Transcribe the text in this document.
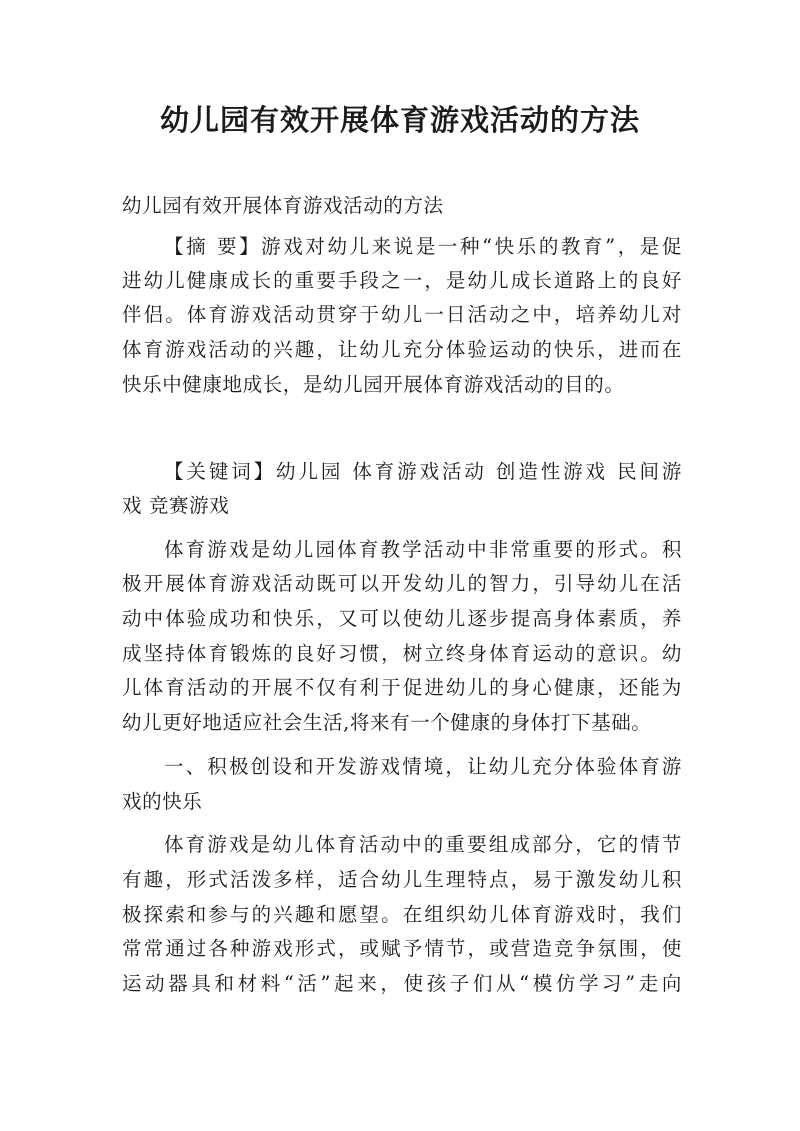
幼儿园有效开展体育游戏活动的方法
幼儿园有效开展体育游戏活动的方法
【摘 要】游戏对幼儿来说是一种“快乐的教育”，是促
进幼儿健康成长的重要手段之一，是幼儿成长道路上的良好
伴侣。体育游戏活动贯穿于幼儿一日活动之中，培养幼儿对
体育游戏活动的兴趣，让幼儿充分体验运动的快乐，进而在
快乐中健康地成长，是幼儿园开展体育游戏活动的目的。
【关键词】幼儿园 体育游戏活动 创造性游戏 民间游
戏 竞赛游戏
体育游戏是幼儿园体育教学活动中非常重要的形式。积
极开展体育游戏活动既可以开发幼儿的智力，引导幼儿在活
动中体验成功和快乐，又可以使幼儿逐步提高身体素质，养
成坚持体育锻炼的良好习惯，树立终身体育运动的意识。幼
儿体育活动的开展不仅有利于促进幼儿的身心健康，还能为
幼儿更好地适应社会生活,将来有一个健康的身体打下基础。
一、积极创设和开发游戏情境，让幼儿充分体验体育游
戏的快乐
体育游戏是幼儿体育活动中的重要组成部分，它的情节
有趣，形式活泼多样，适合幼儿生理特点，易于激发幼儿积
极探索和参与的兴趣和愿望。在组织幼儿体育游戏时，我们
常常通过各种游戏形式，或赋予情节，或营造竞争氛围，使
运动器具和材料“活”起来，使孩子们从“模仿学习”走向
